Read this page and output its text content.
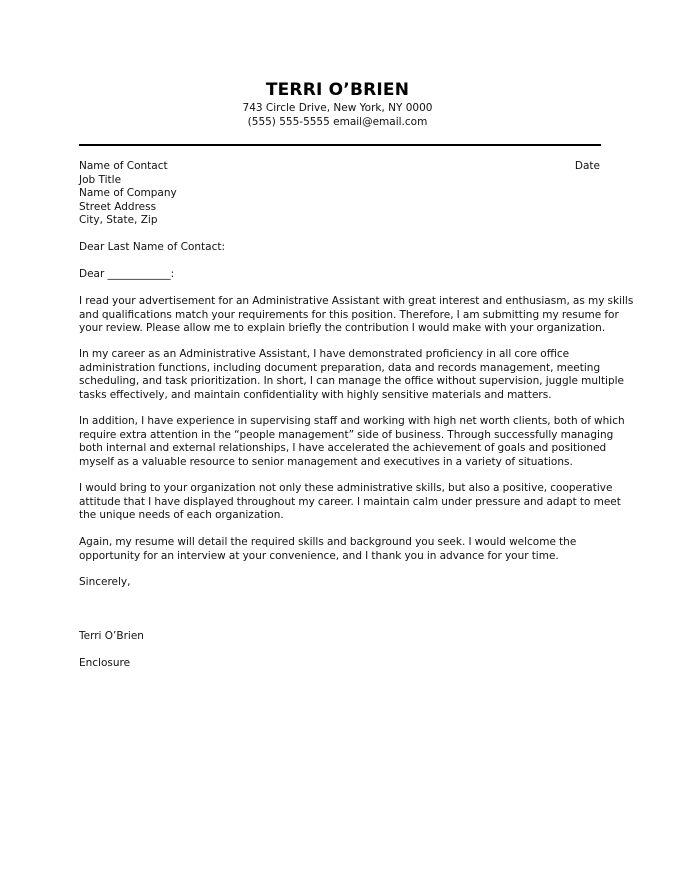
TERRI O’BRIEN
743 Circle Drive, New York, NY 0000
(555) 555-5555 email@email.com
Name of Contact
Job Title
Name of Company
Street Address
City, State, Zip
Date
Dear Last Name of Contact:
Dear ____________:
I read your advertisement for an Administrative Assistant with great interest and enthusiasm, as my skills
and qualifications match your requirements for this position. Therefore, I am submitting my resume for
your review. Please allow me to explain briefly the contribution I would make with your organization.
In my career as an Administrative Assistant, I have demonstrated proficiency in all core office
administration functions, including document preparation, data and records management, meeting
scheduling, and task prioritization. In short, I can manage the office without supervision, juggle multiple
tasks effectively, and maintain confidentiality with highly sensitive materials and matters.
In addition, I have experience in supervising staff and working with high net worth clients, both of which
require extra attention in the “people management” side of business. Through successfully managing
both internal and external relationships, I have accelerated the achievement of goals and positioned
myself as a valuable resource to senior management and executives in a variety of situations.
I would bring to your organization not only these administrative skills, but also a positive, cooperative
attitude that I have displayed throughout my career. I maintain calm under pressure and adapt to meet
the unique needs of each organization.
Again, my resume will detail the required skills and background you seek. I would welcome the
opportunity for an interview at your convenience, and I thank you in advance for your time.
Sincerely,
Terri O’Brien
Enclosure
